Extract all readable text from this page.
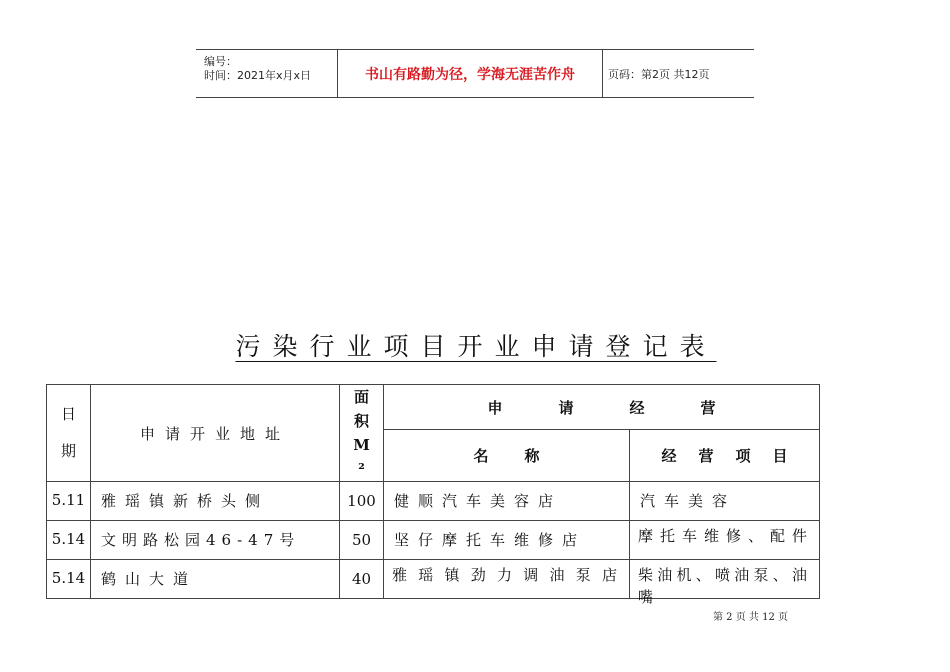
编号：
时间：2021年x月x日	书山有路勤为径，学海无涯苦作舟	页码：第2页 共12页
污染行业项目开业申请登记表
日期	申请开业地址	面积M²	申请经营	
			名称	经营项目

5.11	雅瑶镇新桥头侧	100	健顺汽车美容店	汽车美容

5.14	文明路松园46-47号	50	坚仔摩托车维修店	摩托车维修、配件

5.14	鹤山大道	40	雅瑶镇劲力调油泵店	柴油机、喷油泵、油嘴
第 2 页 共 12 页
